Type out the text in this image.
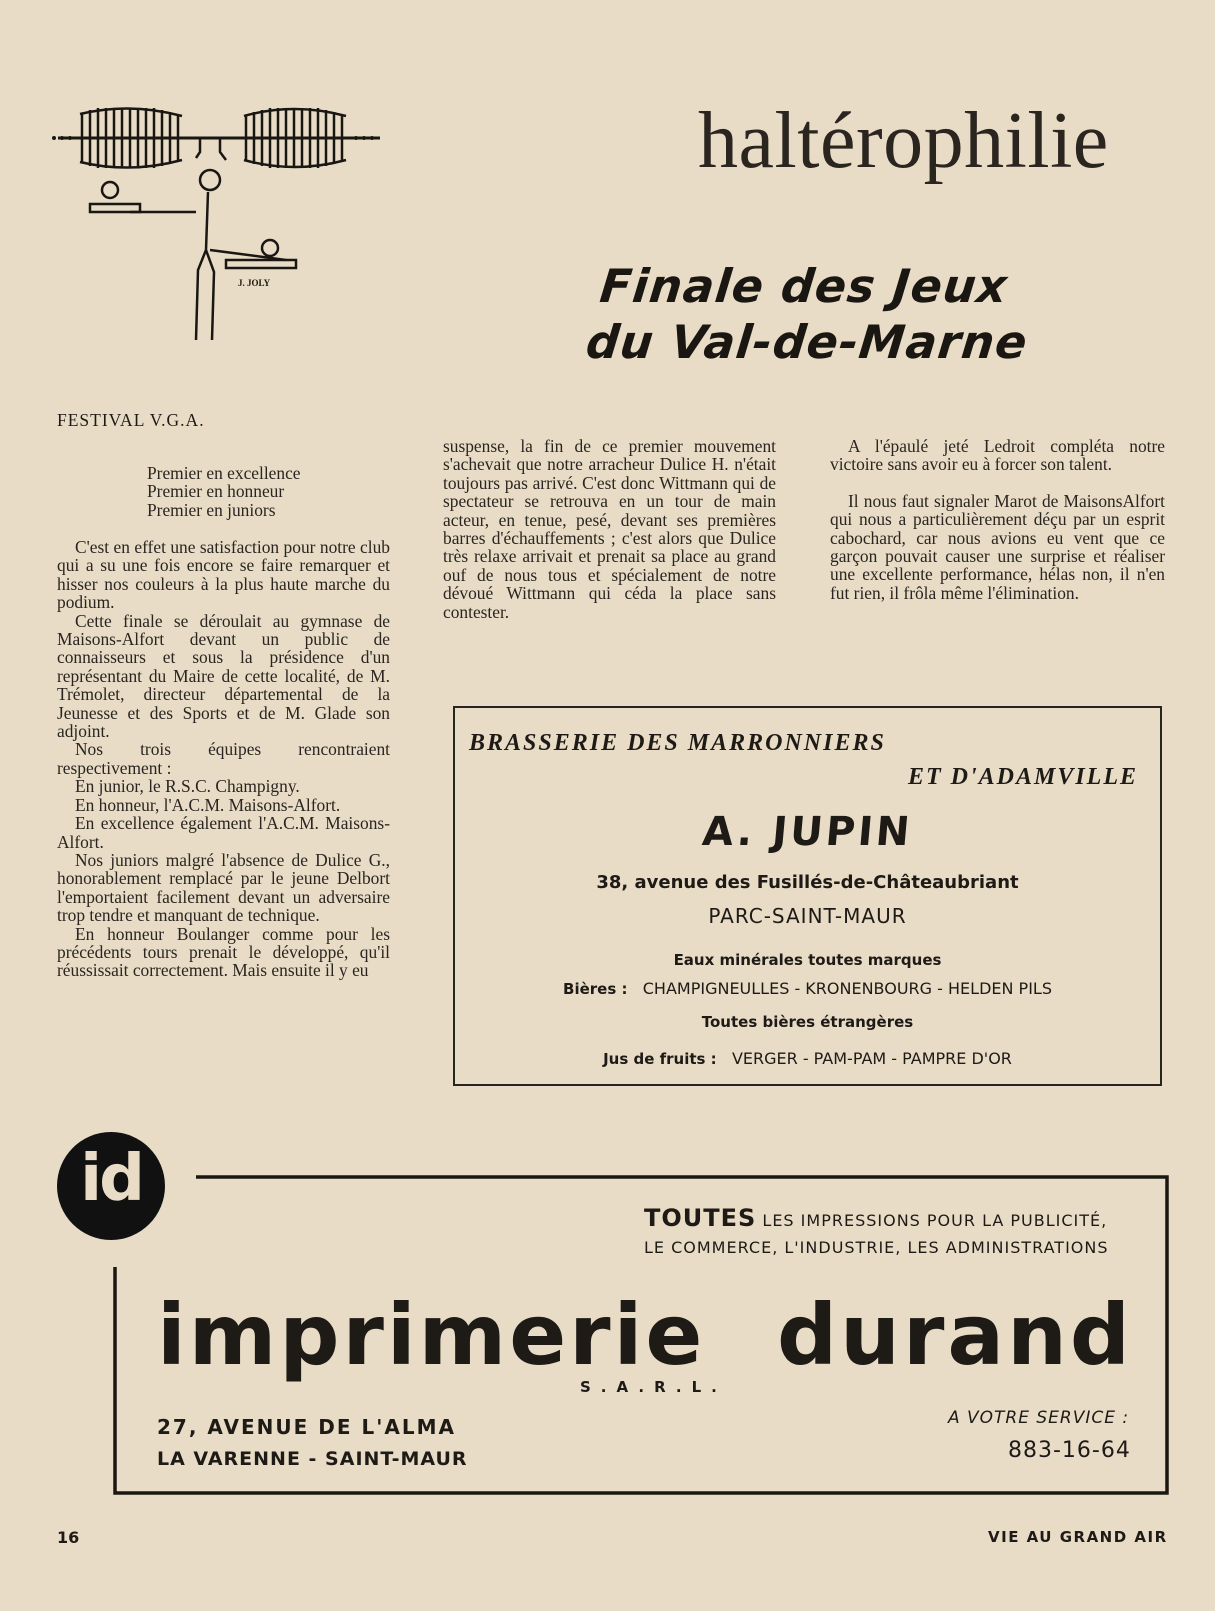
J. JOLY
haltérophilie
Finale des Jeux
du Val-de-Marne
FESTIVAL V.G.A.
Premier en excellence
Premier en honneur
Premier en juniors

C'est en effet une satisfaction pour notre club qui a su une fois encore se faire remarquer et hisser nos couleurs à la plus haute marche du podium.

Cette finale se déroulait au gymnase de Maisons-Alfort devant un public de connaisseurs et sous la présidence d'un représentant du Maire de cette localité, de M. Trémolet, directeur départemental de la Jeunesse et des Sports et de M. Glade son adjoint.

Nos trois équipes rencontraient respectivement :

En junior, le R.S.C. Champigny.

En honneur, l'A.C.M. Maisons-Alfort.

En excellence également l'A.C.M. Maisons-Alfort.

Nos juniors malgré l'absence de Dulice G., honorablement remplacé par le jeune Delbort l'emportaient facilement devant un adversaire trop tendre et manquant de technique.

En honneur Boulanger comme pour les précédents tours prenait le développé, qu'il réussissait correctement. Mais ensuite il y eu

suspense, la fin de ce premier mouvement s'achevait que notre arracheur Dulice H. n'était toujours pas arrivé. C'est donc Wittmann qui de spectateur se retrouva en un tour de main acteur, en tenue, pesé, devant ses premières barres d'échauffements ; c'est alors que Dulice très relaxe arrivait et prenait sa place au grand ouf de nous tous et spécialement de notre dévoué Wittmann qui céda la place sans contester.

A l'épaulé jeté Ledroit compléta notre victoire sans avoir eu à forcer son talent.

Il nous faut signaler Marot de MaisonsAlfort qui nous a particulièrement déçu par un esprit cabochard, car nous avions eu vent que ce garçon pouvait causer une surprise et réaliser une excellente performance, hélas non, il n'en fut rien, il frôla même l'élimination.

BRASSERIE DES MARRONNIERS
ET D'ADAMVILLE
A. JUPIN
38, avenue des Fusillés-de-Châteaubriant
PARC-SAINT-MAUR
Eaux minérales toutes marques
Bières : CHAMPIGNEULLES - KRONENBOURG - HELDEN PILS
Toutes bières étrangères
Jus de fruits : VERGER - PAM-PAM - PAMPRE D'OR
id
TOUTES LES IMPRESSIONS POUR LA PUBLICITÉ,
LE COMMERCE, L'INDUSTRIE, LES ADMINISTRATIONS
imprimerie durand
S.A.R.L.
27, AVENUE DE L'ALMA
LA VARENNE - SAINT-MAUR
A VOTRE SERVICE :
883-16-64
16	VIE AU GRAND AIR
